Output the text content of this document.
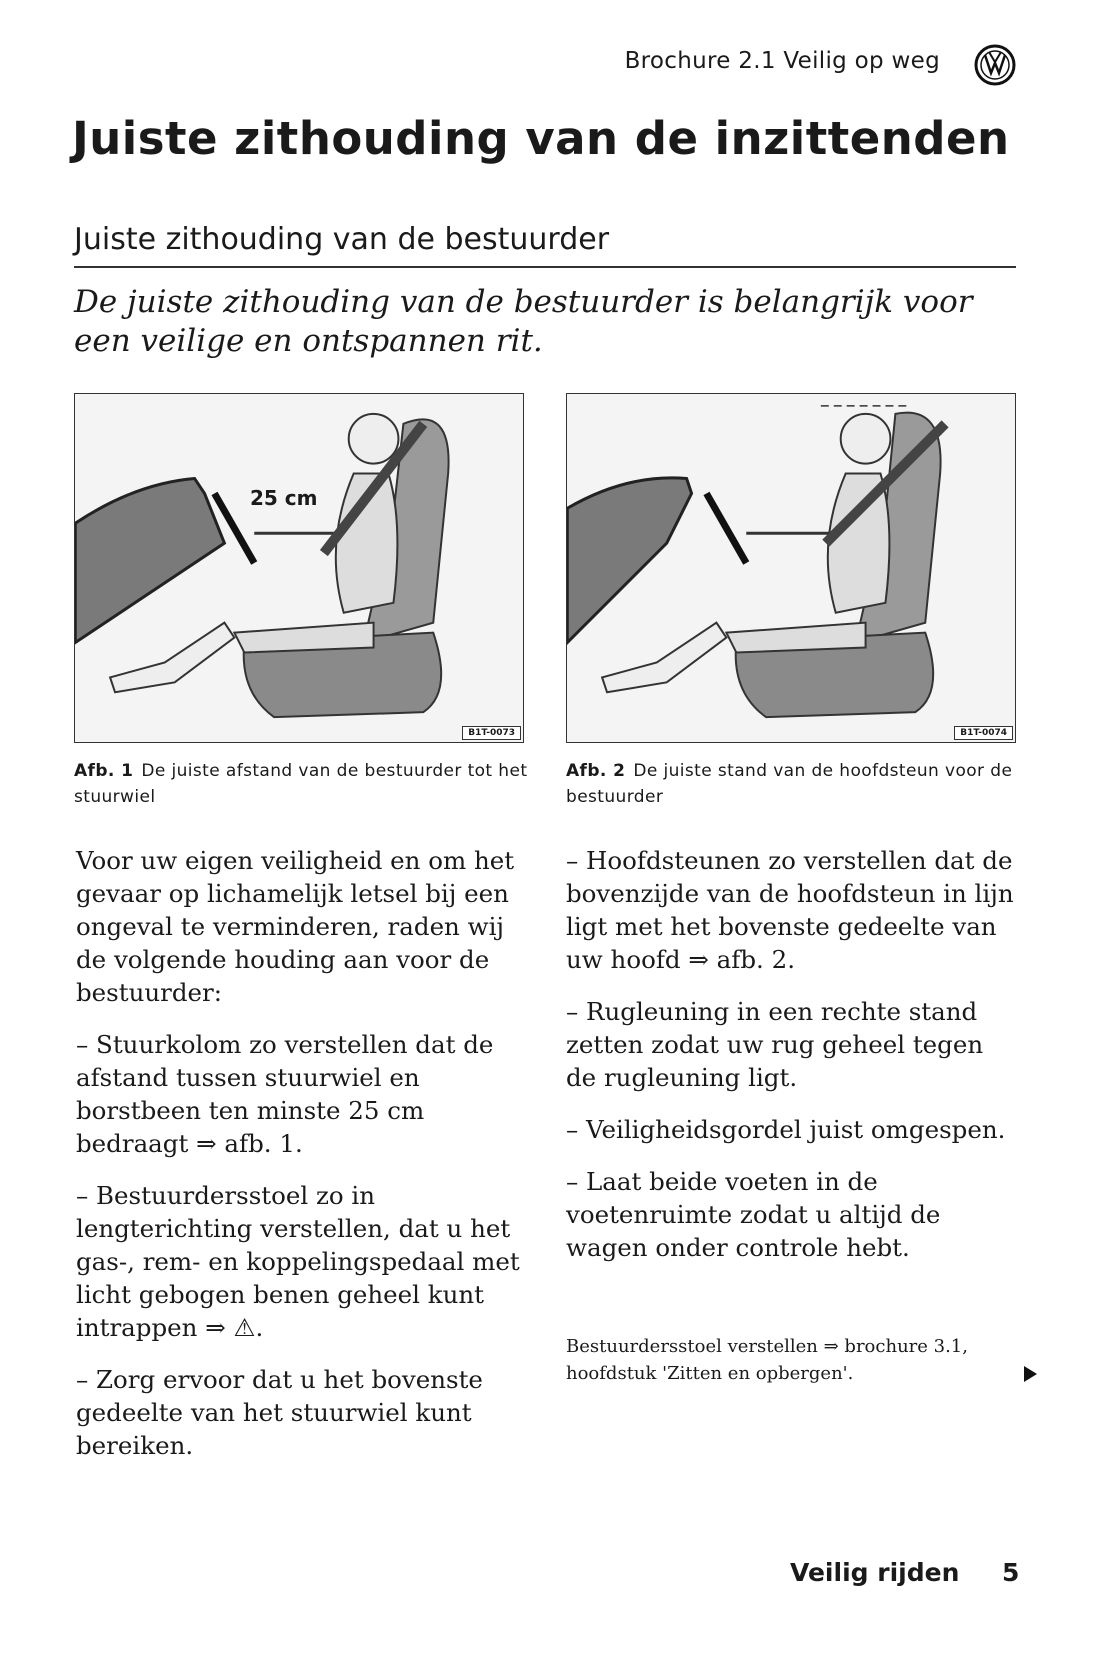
Brochure 2.1 Veilig op weg
Juiste zithouding van de inzittenden
Juiste zithouding van de bestuurder
De juiste zithouding van de bestuurder is belangrijk voor een veilige en ontspannen rit.
25 cm
B1T-0073	B1T-0074
Afb. 1 De juiste afstand van de bestuurder tot het stuurwiel
Afb. 2 De juiste stand van de hoofdsteun voor de bestuurder

Voor uw eigen veiligheid en om het gevaar op lichamelijk letsel bij een ongeval te verminderen, raden wij de volgende houding aan voor de bestuurder:

– Stuurkolom zo verstellen dat de afstand tussen stuurwiel en borstbeen ten minste 25 cm bedraagt ⇒ afb. 1.

– Bestuurdersstoel zo in lengterichting verstellen, dat u het gas-, rem- en koppelingspedaal met licht gebogen benen geheel kunt intrappen ⇒ ⚠.

– Zorg ervoor dat u het bovenste gedeelte van het stuurwiel kunt bereiken.

– Hoofdsteunen zo verstellen dat de bovenzijde van de hoofdsteun in lijn ligt met het bovenste gedeelte van uw hoofd ⇒ afb. 2.

– Rugleuning in een rechte stand zetten zodat uw rug geheel tegen de rugleuning ligt.

– Veiligheidsgordel juist omgespen.

– Laat beide voeten in de voetenruimte zodat u altijd de wagen onder controle hebt.

Bestuurdersstoel verstellen ⇒ brochure 3.1, hoofdstuk 'Zitten en opbergen'.
Veilig rijden 5
